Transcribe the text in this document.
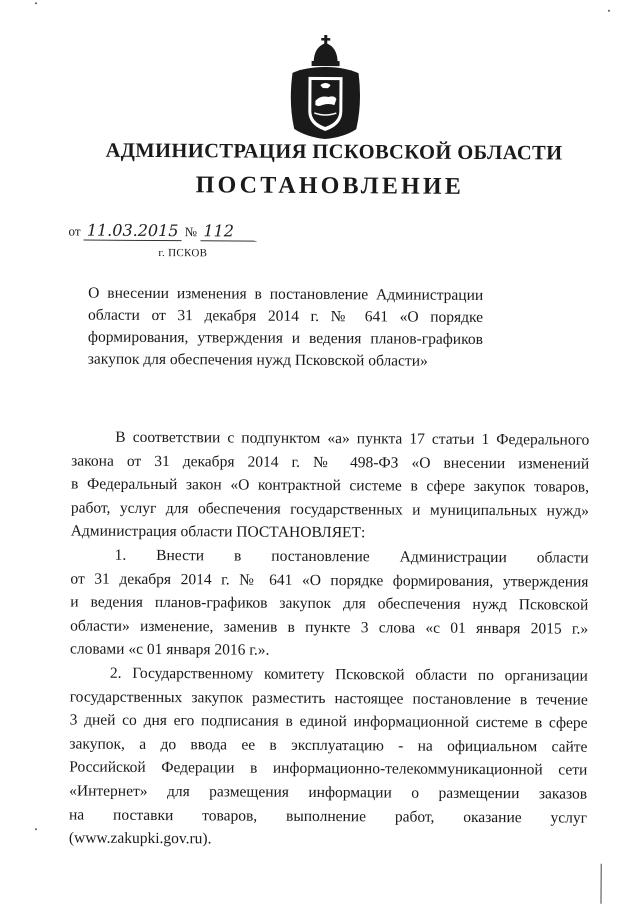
АДМИНИСТРАЦИЯ ПСКОВСКОЙ ОБЛАСТИ
ПОСТАНОВЛЕНИЕ
от 11.03.2015 № 112
г. ПСКОВ
О внесении изменения в постановление Администрации
области от 31 декабря 2014 г. № 641 «О порядке
формирования, утверждения и ведения планов-графиков
закупок для обеспечения нужд Псковской области»
В соответствии с подпунктом «а» пункта 17 статьи 1 Федерального
закона от 31 декабря 2014 г. № 498-ФЗ «О внесении изменений
в Федеральный закон «О контрактной системе в сфере закупок товаров,
работ, услуг для обеспечения государственных и муниципальных нужд»
Администрация области ПОСТАНОВЛЯЕТ:
1. Внести в постановление Администрации области
от 31 декабря 2014 г. № 641 «О порядке формирования, утверждения
и ведения планов-графиков закупок для обеспечения нужд Псковской
области» изменение, заменив в пункте 3 слова «с 01 января 2015 г.»
словами «с 01 января 2016 г.».
2. Государственному комитету Псковской области по организации
государственных закупок разместить настоящее постановление в течение
3 дней со дня его подписания в единой информационной системе в сфере
закупок, а до ввода ее в эксплуатацию - на официальном сайте
Российской Федерации в информационно-телекоммуникационной сети
«Интернет» для размещения информации о размещении заказов
на поставки товаров, выполнение работ, оказание услуг
(www.zakupki.gov.ru).
